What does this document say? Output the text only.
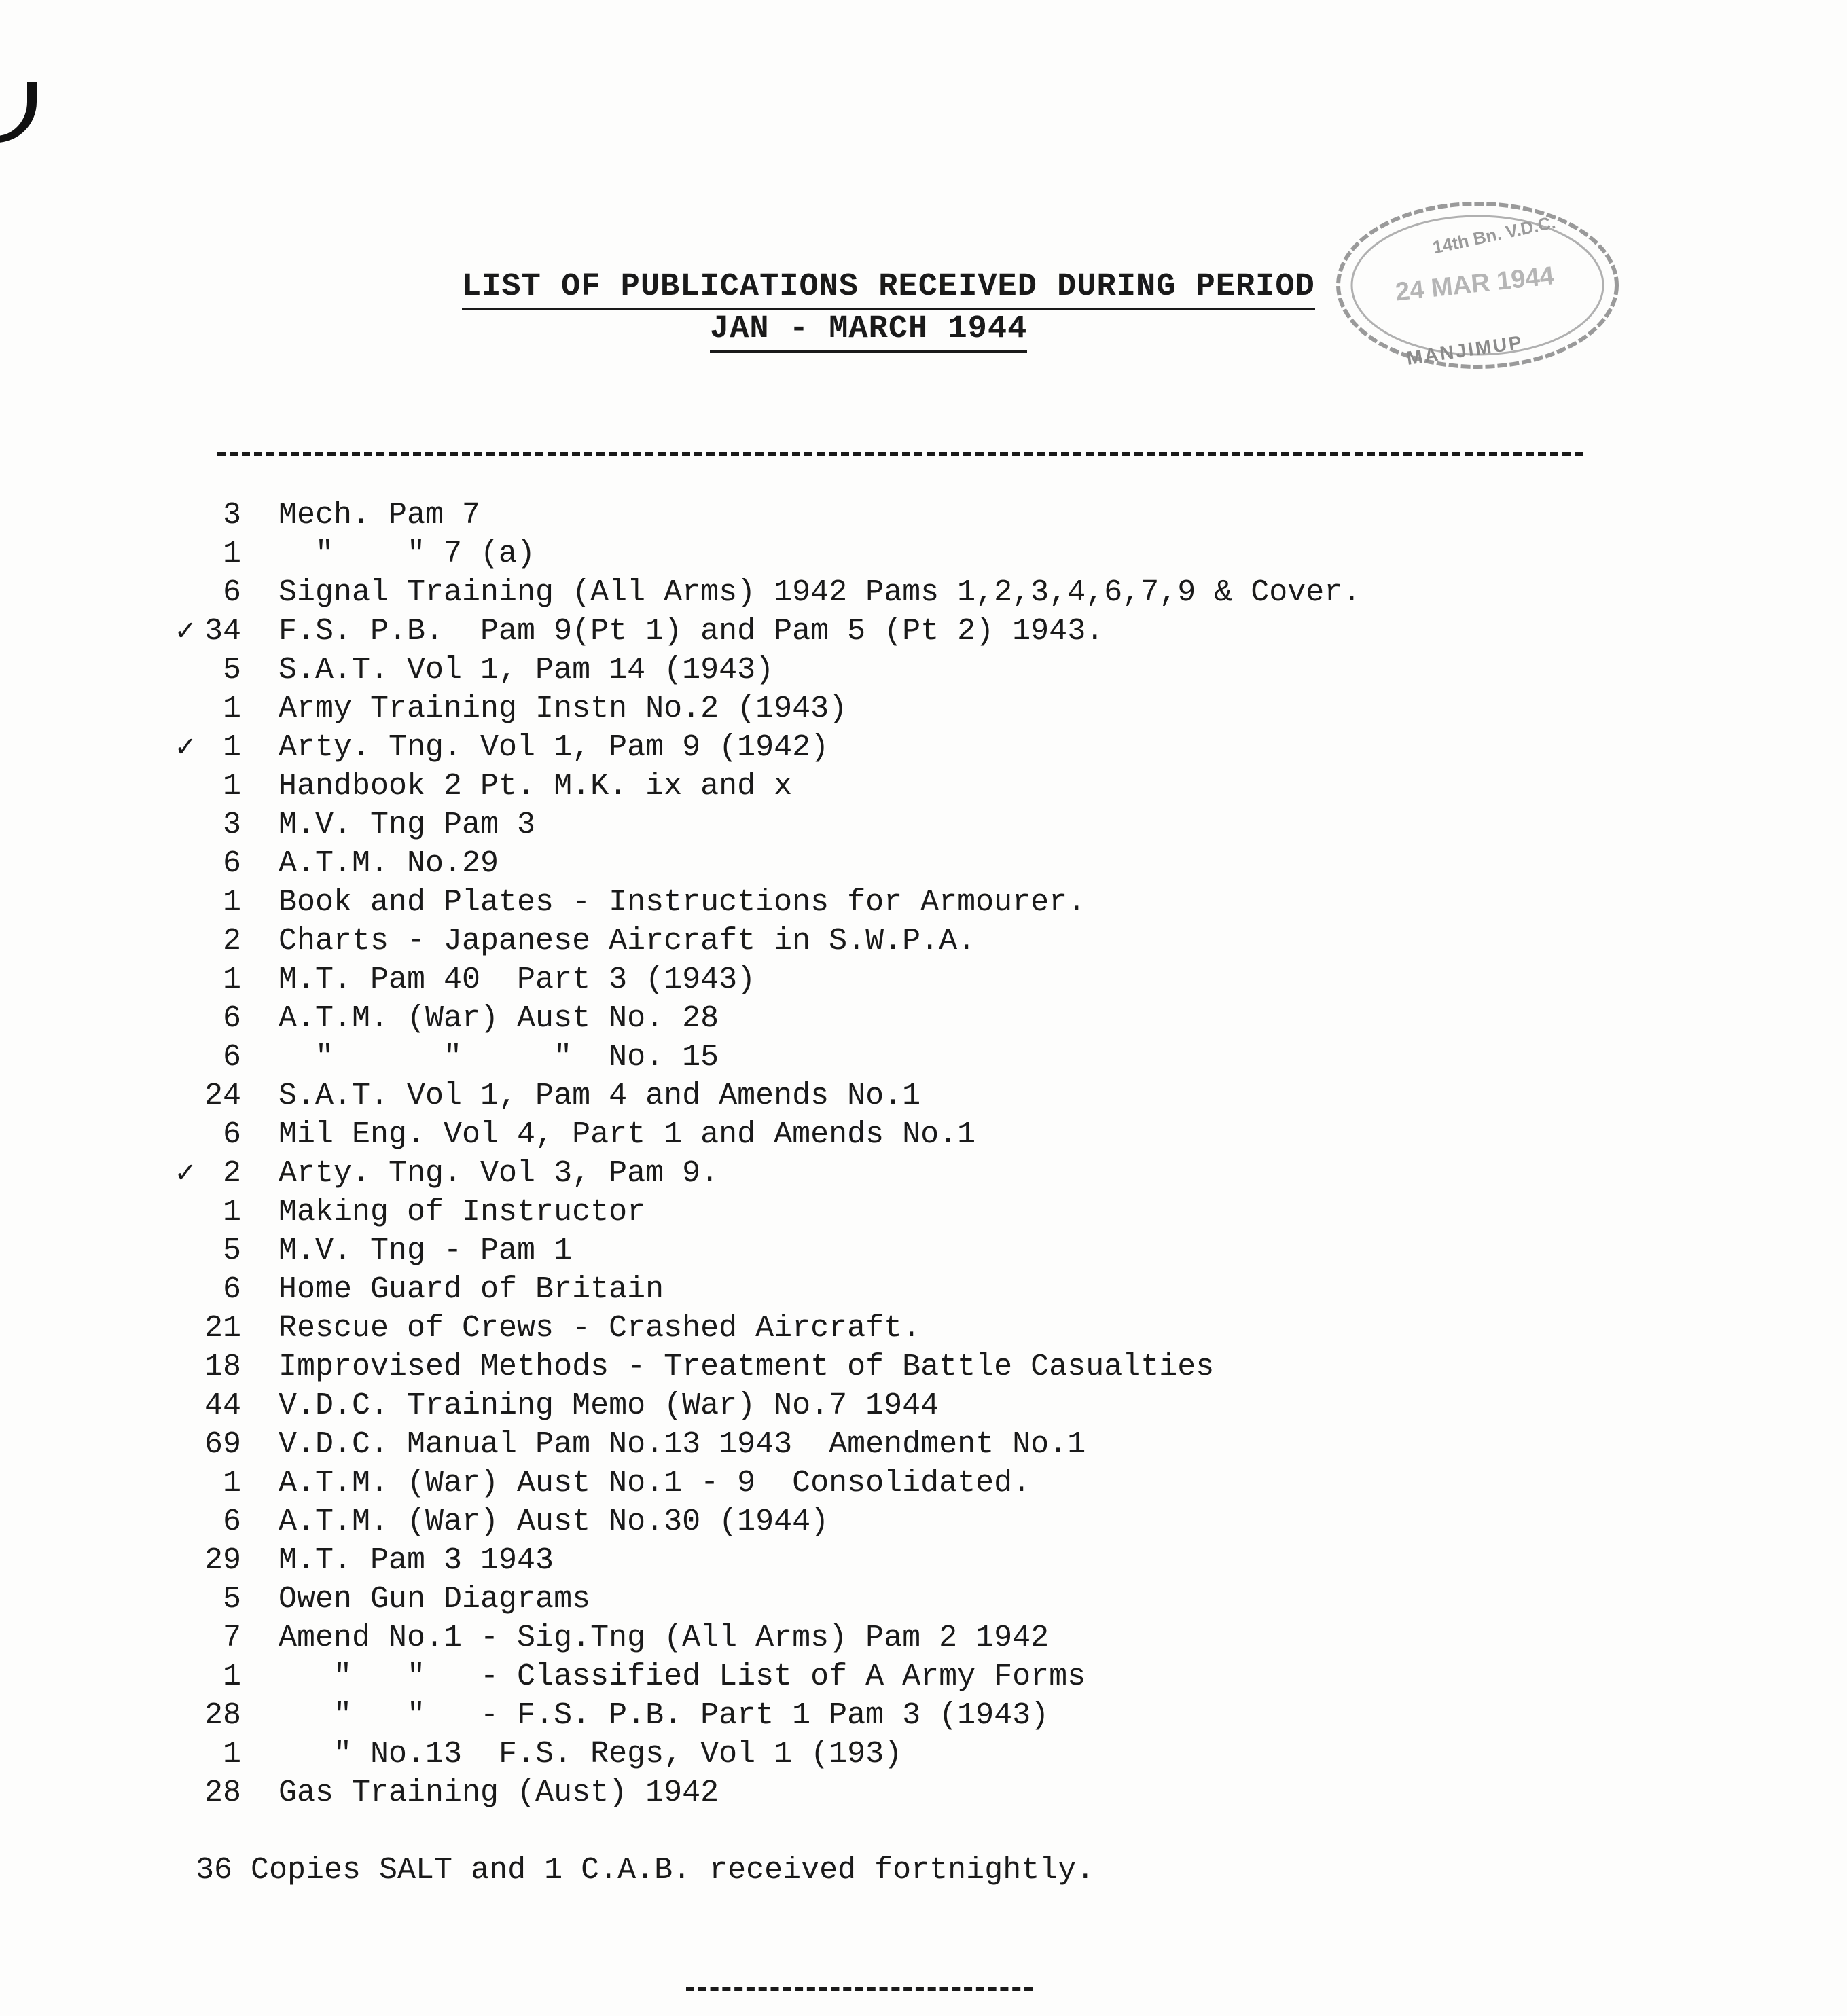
LIST OF PUBLICATIONS RECEIVED DURING PERIOD
JAN - MARCH 1944
14th Bn. V.D.C.
24 MAR 1944
MANJIMUP
3 Mech. Pam 7
1 "    " 7 (a)
6 Signal Training (All Arms) 1942 Pams 1,2,3,4,6,7,9 & Cover.
✓ 34 F.S. P.B.  Pam 9(Pt 1) and Pam 5 (Pt 2) 1943.
5 S.A.T. Vol 1, Pam 14 (1943)
1 Army Training Instn No.2 (1943)
✓ 1 Arty. Tng. Vol 1, Pam 9 (1942)
1 Handbook 2 Pt. M.K. ix and x
3 M.V. Tng Pam 3
6 A.T.M. No.29
1 Book and Plates - Instructions for Armourer.
2 Charts - Japanese Aircraft in S.W.P.A.
1 M.T. Pam 40  Part 3 (1943)
6 A.T.M. (War) Aust No. 28
6 "      "     "  No. 15
24 S.A.T. Vol 1, Pam 4 and Amends No.1
6 Mil Eng. Vol 4, Part 1 and Amends No.1
✓ 2 Arty. Tng. Vol 3, Pam 9.
1 Making of Instructor
5 M.V. Tng - Pam 1
6 Home Guard of Britain
21 Rescue of Crews - Crashed Aircraft.
18 Improvised Methods - Treatment of Battle Casualties
44 V.D.C. Training Memo (War) No.7 1944
69 V.D.C. Manual Pam No.13 1943  Amendment No.1
1 A.T.M. (War) Aust No.1 - 9  Consolidated.
6 A.T.M. (War) Aust No.30 (1944)
29 M.T. Pam 3 1943
5 Owen Gun Diagrams
7 Amend No.1 - Sig.Tng (All Arms) Pam 2 1942
1 "   "   - Classified List of A Army Forms
28 "   "   - F.S. P.B. Part 1 Pam 3 (1943)
1 " No.13  F.S. Regs, Vol 1 (193)
28 Gas Training (Aust) 1942
36 Copies SALT and 1 C.A.B. received fortnightly.
